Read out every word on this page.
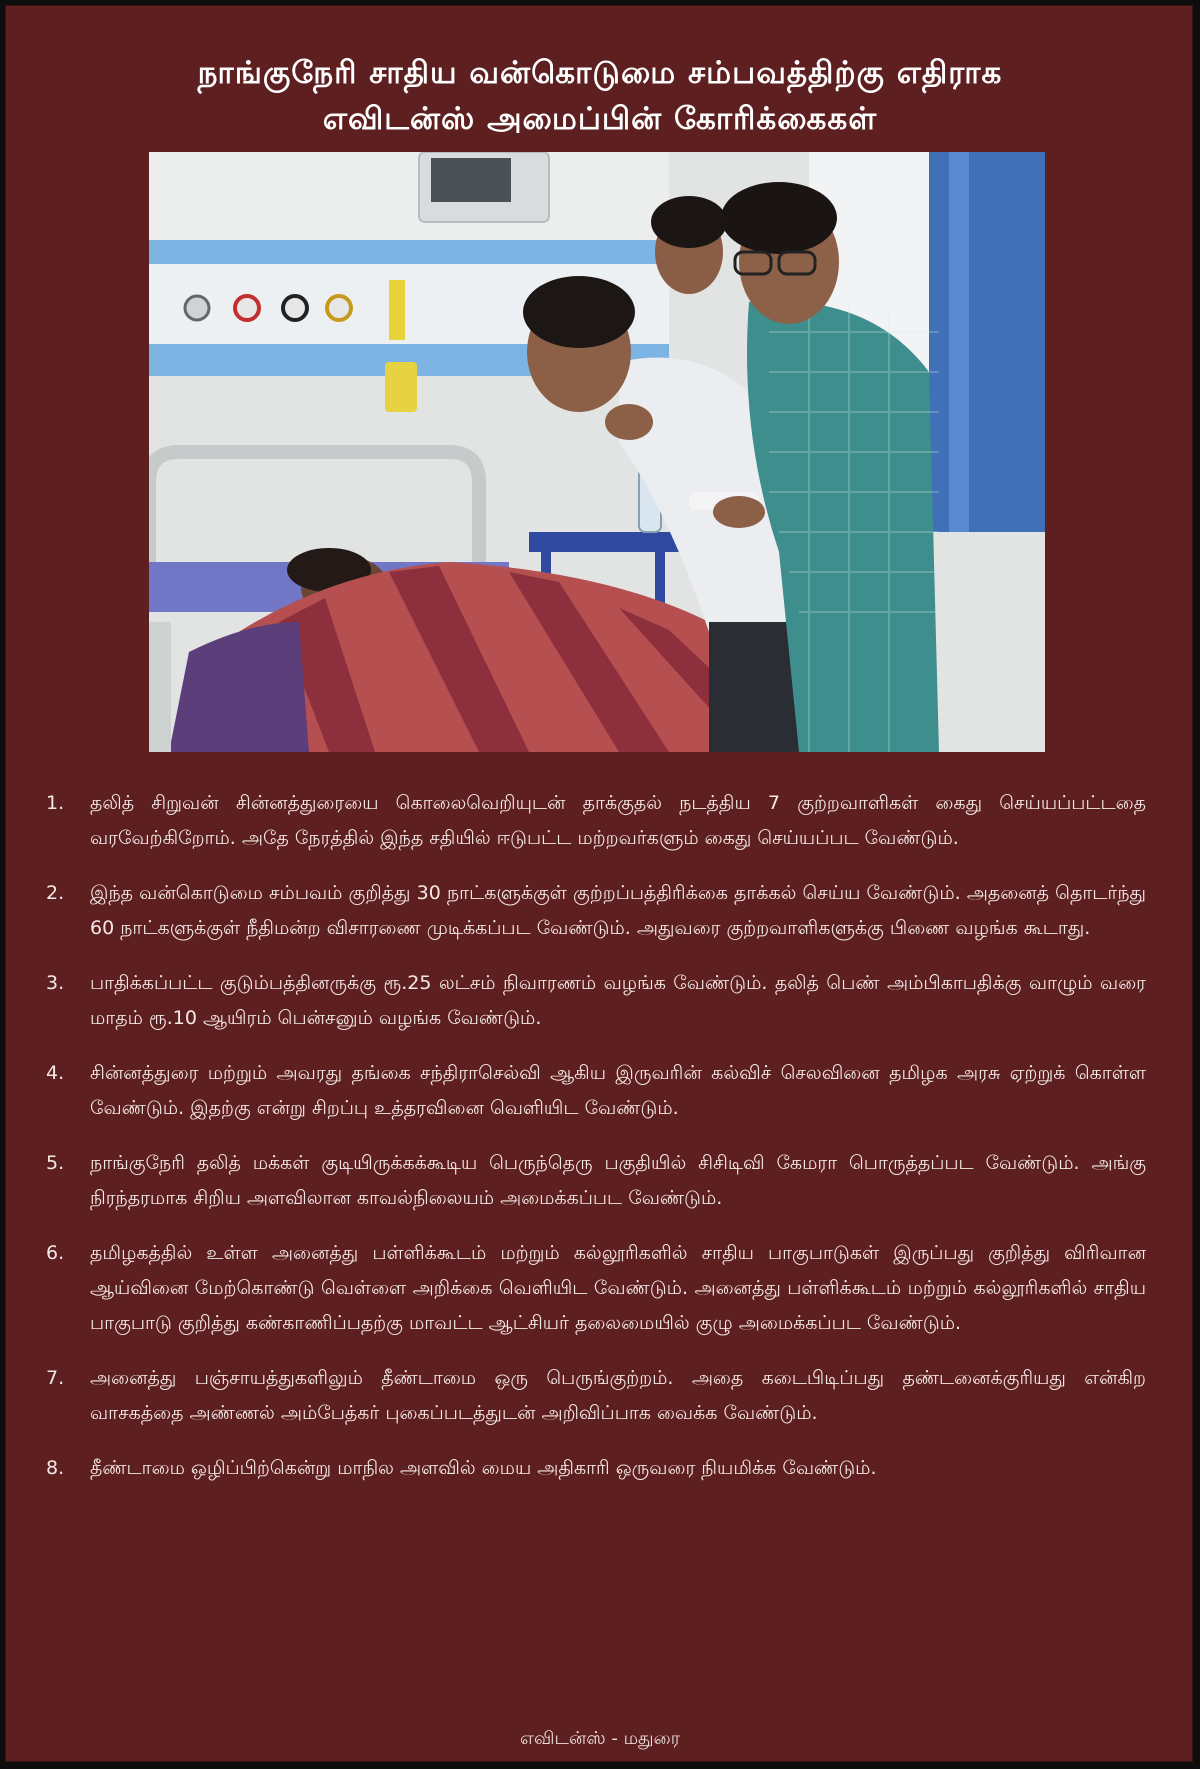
நாங்குநேரி சாதிய வன்கொடுமை சம்பவத்திற்கு எதிராக
எவிடன்ஸ் அமைப்பின் கோரிக்கைகள்
1.	தலித் சிறுவன் சின்னத்துரையை கொலைவெறியுடன் தாக்குதல் நடத்திய 7 குற்றவாளிகள் கைது செய்யப்பட்டதை வரவேற்கிறோம். அதே நேரத்தில் இந்த சதியில் ஈடுபட்ட மற்றவர்களும் கைது செய்யப்பட வேண்டும்.
2.	இந்த வன்கொடுமை சம்பவம் குறித்து 30 நாட்களுக்குள் குற்றப்பத்திரிக்கை தாக்கல் செய்ய வேண்டும். அதனைத் தொடர்ந்து 60 நாட்களுக்குள் நீதிமன்ற விசாரணை முடிக்கப்பட வேண்டும். அதுவரை குற்றவாளிகளுக்கு பிணை வழங்க கூடாது.
3.	பாதிக்கப்பட்ட குடும்பத்தினருக்கு ரூ.25 லட்சம் நிவாரணம் வழங்க வேண்டும். தலித் பெண் அம்பிகாபதிக்கு வாழும் வரை மாதம் ரூ.10 ஆயிரம் பென்சனும் வழங்க வேண்டும்.
4.	சின்னத்துரை மற்றும் அவரது தங்கை சந்திராசெல்வி ஆகிய இருவரின் கல்விச் செலவினை தமிழக அரசு ஏற்றுக் கொள்ள வேண்டும். இதற்கு என்று சிறப்பு உத்தரவினை வெளியிட வேண்டும்.
5.	நாங்குநேரி தலித் மக்கள் குடியிருக்கக்கூடிய பெருந்தெரு பகுதியில் சிசிடிவி கேமரா பொருத்தப்பட வேண்டும். அங்கு நிரந்தரமாக சிறிய அளவிலான காவல்நிலையம் அமைக்கப்பட வேண்டும்.
6.	தமிழகத்தில் உள்ள அனைத்து பள்ளிக்கூடம் மற்றும் கல்லூரிகளில் சாதிய பாகுபாடுகள் இருப்பது குறித்து விரிவான ஆய்வினை மேற்கொண்டு வெள்ளை அறிக்கை வெளியிட வேண்டும். அனைத்து பள்ளிக்கூடம் மற்றும் கல்லூரிகளில் சாதிய பாகுபாடு குறித்து கண்காணிப்பதற்கு மாவட்ட ஆட்சியர் தலைமையில் குழு அமைக்கப்பட வேண்டும்.
7.	அனைத்து பஞ்சாயத்துகளிலும் தீண்டாமை ஒரு பெருங்குற்றம். அதை கடைபிடிப்பது தண்டனைக்குரியது என்கிற வாசகத்தை அண்ணல் அம்பேத்கர் புகைப்படத்துடன் அறிவிப்பாக வைக்க வேண்டும்.
8.	தீண்டாமை ஒழிப்பிற்கென்று மாநில அளவில் மைய அதிகாரி ஒருவரை நியமிக்க வேண்டும்.
எவிடன்ஸ் - மதுரை
